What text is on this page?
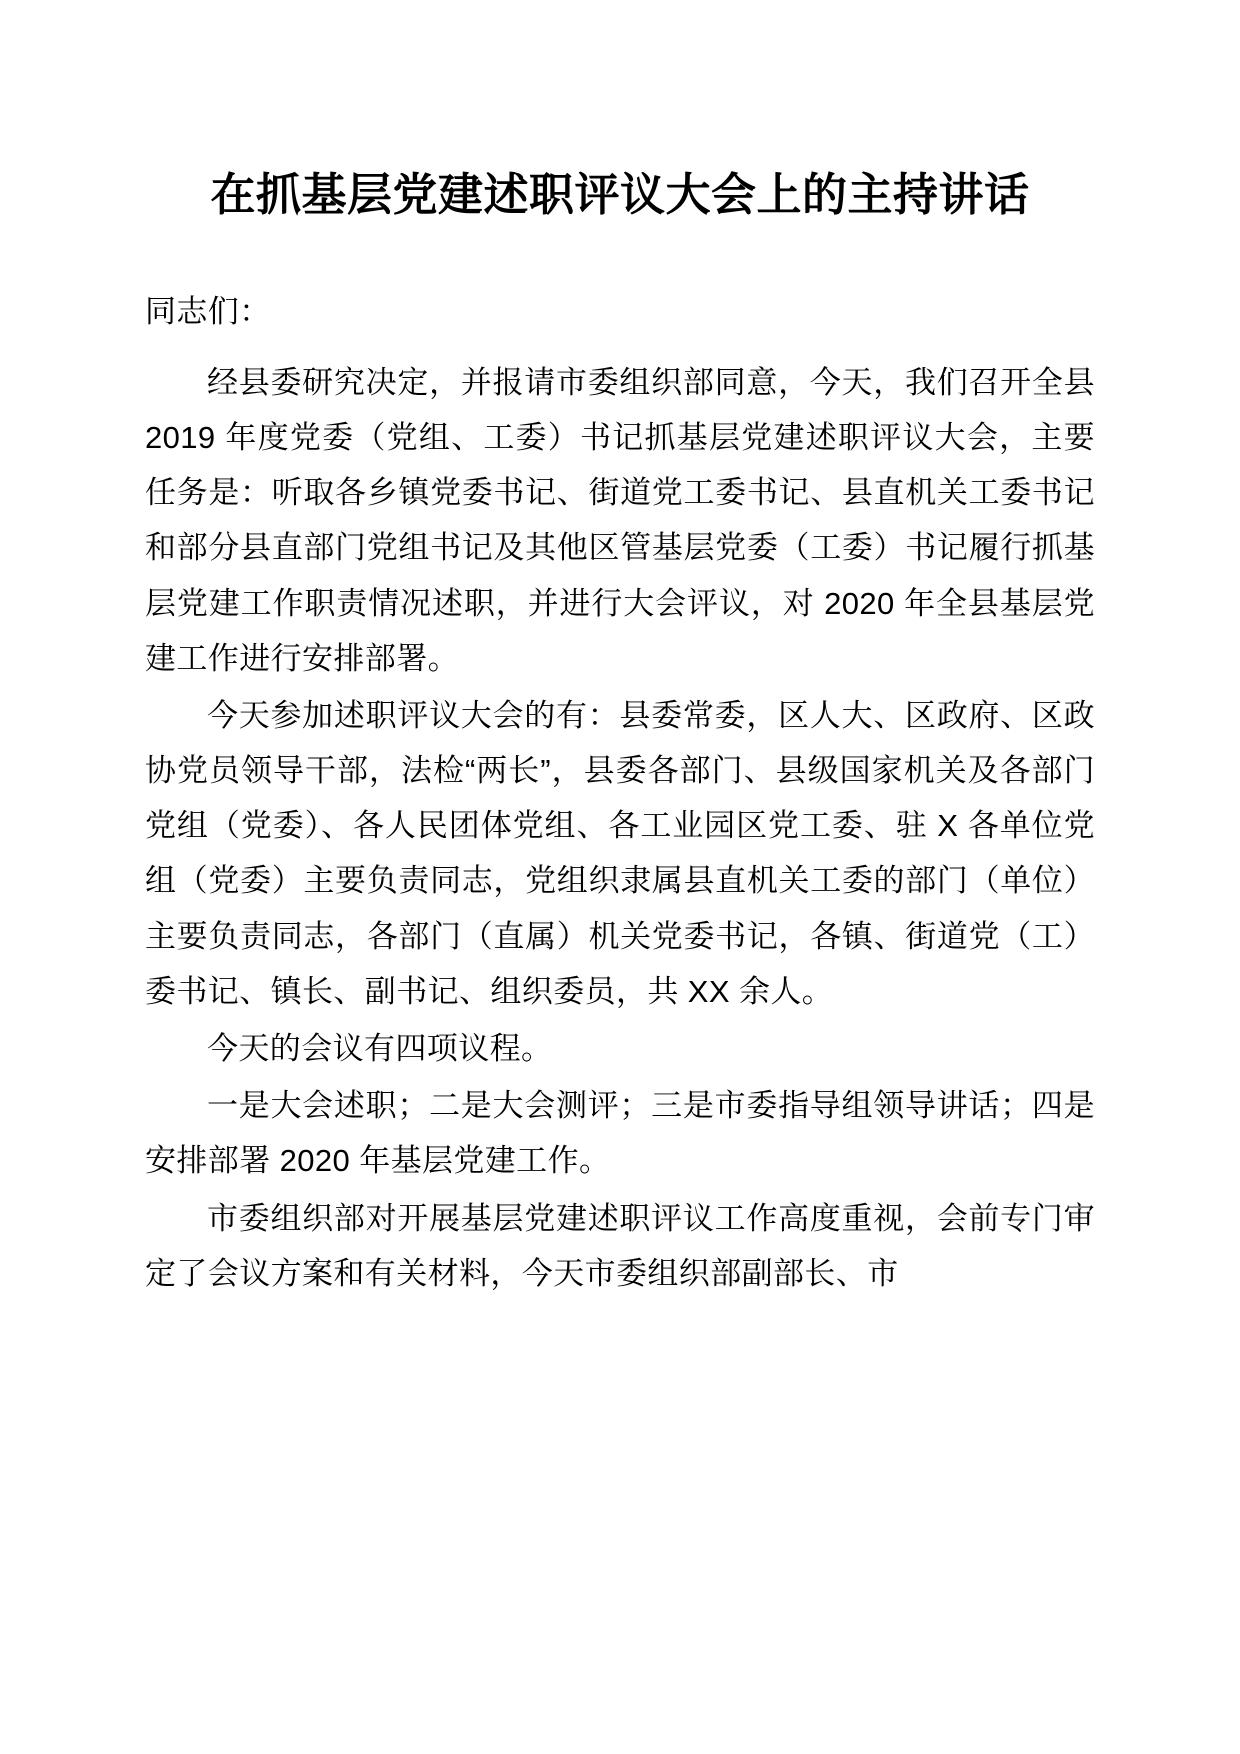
在抓基层党建述职评议大会上的主持讲话

同志们：

经县委研究决定，并报请市委组织部同意，今天，我们召开全县 2019 年度党委（党组、工委）书记抓基层党建述职评议大会，主要任务是：听取各乡镇党委书记、街道党工委书记、县直机关工委书记和部分县直部门党组书记及其他区管基层党委（工委）书记履行抓基层党建工作职责情况述职，并进行大会评议，对 2020 年全县基层党建工作进行安排部署。

今天参加述职评议大会的有：县委常委，区人大、区政府、区政协党员领导干部，法检“两长”，县委各部门、县级国家机关及各部门党组（党委）、各人民团体党组、各工业园区党工委、驻 X 各单位党组（党委）主要负责同志，党组织隶属县直机关工委的部门（单位）主要负责同志，各部门（直属）机关党委书记，各镇、街道党（工）委书记、镇长、副书记、组织委员，共 XX 余人。

今天的会议有四项议程。

一是大会述职；二是大会测评；三是市委指导组领导讲话；四是安排部署 2020 年基层党建工作。

市委组织部对开展基层党建述职评议工作高度重视，会前专门审定了会议方案和有关材料，今天市委组织部副部长、市
